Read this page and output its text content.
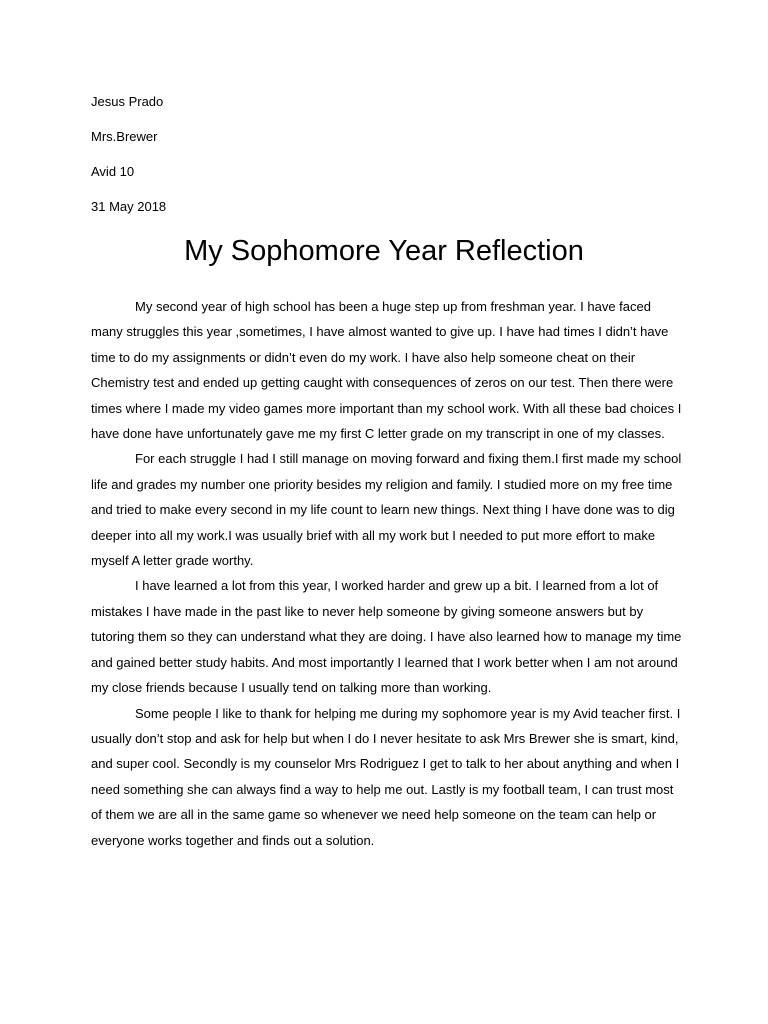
Jesus Prado
Mrs.Brewer
Avid 10
31 May 2018
My Sophomore Year Reflection

My second year of high school has been a huge step up from freshman year. I have faced many struggles this year ,sometimes, I have almost wanted to give up. I have had times I didn’t have time to do my assignments or didn’t even do my work. I have also help someone cheat on their Chemistry test and ended up getting caught with consequences of zeros on our test. Then there were times where I made my video games more important than my school work. With all these bad choices I have done have unfortunately gave me my first C letter grade on my transcript in one of my classes.

For each struggle I had I still manage on moving forward and fixing them.I first made my school life and grades my number one priority besides my religion and family. I studied more on my free time and tried to make every second in my life count to learn new things. Next thing I have done was to dig deeper into all my work.I was usually brief with all my work but I needed to put more effort to make myself A letter grade worthy.

I have learned a lot from this year, I worked harder and grew up a bit. I learned from a lot of mistakes I have made in the past like to never help someone by giving someone answers but by tutoring them so they can understand what they are doing. I have also learned how to manage my time and gained better study habits. And most importantly I learned that I work better when I am not around my close friends because I usually tend on talking more than working.

Some people I like to thank for helping me during my sophomore year is my Avid teacher first. I usually don’t stop and ask for help but when I do I never hesitate to ask Mrs Brewer she is smart, kind, and super cool. Secondly is my counselor Mrs Rodriguez I get to talk to her about anything and when I need something she can always find a way to help me out. Lastly is my football team, I can trust most of them we are all in the same game so whenever we need help someone on the team can help or everyone works together and finds out a solution.
